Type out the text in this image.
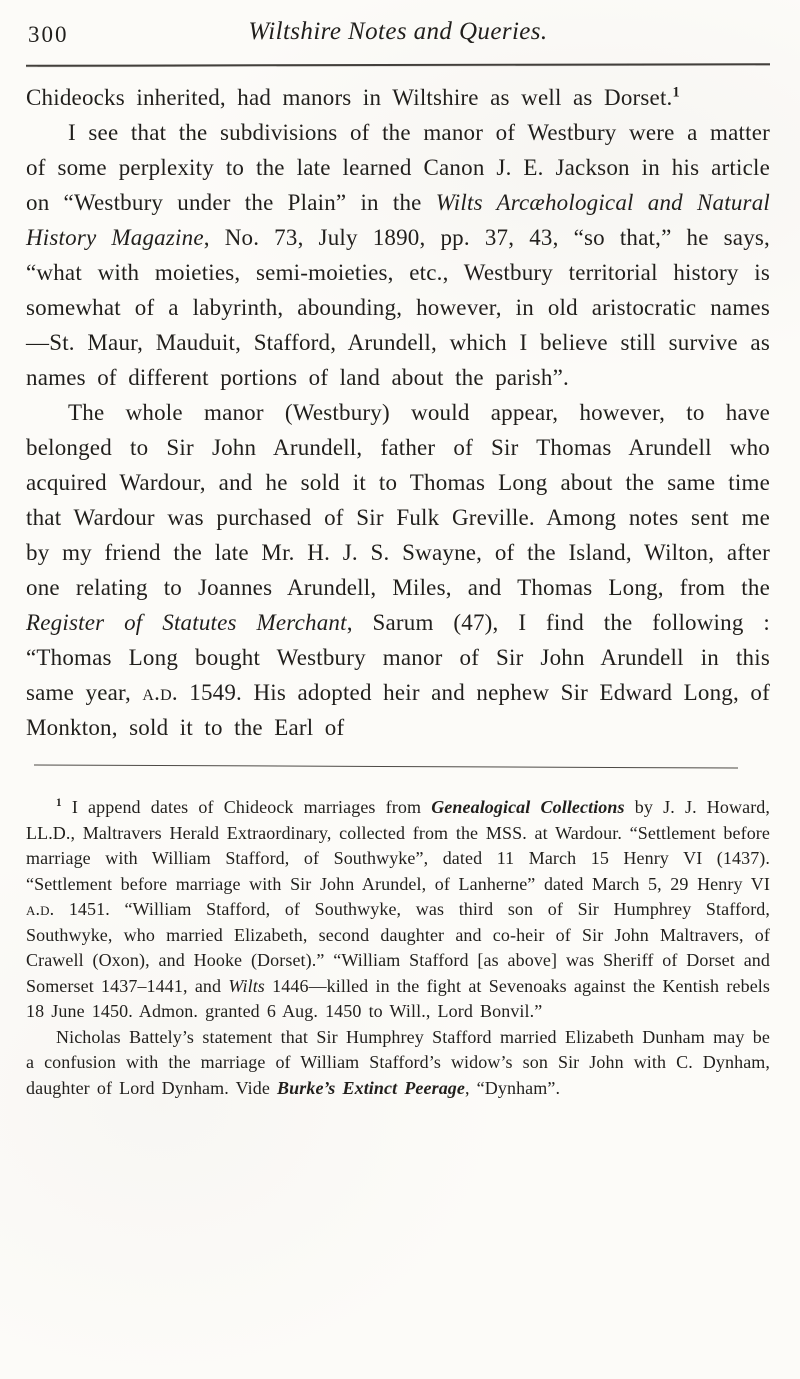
300	Wiltshire Notes and Queries.

Chideocks inherited, had manors in Wiltshire as well as Dorset.$^1$

I see that the subdivisions of the manor of Westbury were a matter of some perplexity to the late learned Canon J. E. Jackson in his article on “Westbury under the Plain” in the Wilts Arcæhological and Natural History Magazine, No. 73, July 1890, pp. 37, 43, “so that,” he says, “what with moieties, semi-moieties, etc., Westbury territorial history is somewhat of a labyrinth, abounding, however, in old aristocratic names—St. Maur, Mauduit, Stafford, Arundell, which I believe still survive as names of different portions of land about the parish”.

The whole manor (Westbury) would appear, however, to have belonged to Sir John Arundell, father of Sir Thomas Arundell who acquired Wardour, and he sold it to Thomas Long about the same time that Wardour was purchased of Sir Fulk Greville. Among notes sent me by my friend the late Mr. H. J. S. Swayne, of the Island, Wilton, after one relating to Joannes Arundell, Miles, and Thomas Long, from the Register of Statutes Merchant, Sarum (47), I find the following : “Thomas Long bought Westbury manor of Sir John Arundell in this same year, a.d. 1549. His adopted heir and nephew Sir Edward Long, of Monkton, sold it to the Earl of

$^1$ I append dates of Chideock marriages from Genealogical Collections by J. J. Howard, LL.D., Maltravers Herald Extraordinary, collected from the MSS. at Wardour. “Settlement before marriage with William Stafford, of Southwyke”, dated 11 March 15 Henry VI (1437). “Settlement before marriage with Sir John Arundel, of Lanherne” dated March 5, 29 Henry VI a.d. 1451. “William Stafford, of Southwyke, was third son of Sir Humphrey Stafford, Southwyke, who married Elizabeth, second daughter and co-heir of Sir John Maltravers, of Crawell (Oxon), and Hooke (Dorset).” “William Stafford [as above] was Sheriff of Dorset and Somerset 1437–1441, and Wilts 1446—killed in the fight at Sevenoaks against the Kentish rebels 18 June 1450. Admon. granted 6 Aug. 1450 to Will., Lord Bonvil.”

Nicholas Battely’s statement that Sir Humphrey Stafford married Elizabeth Dunham may be a confusion with the marriage of William Stafford’s widow’s son Sir John with C. Dynham, daughter of Lord Dynham. Vide Burke’s Extinct Peerage, “Dynham”.
